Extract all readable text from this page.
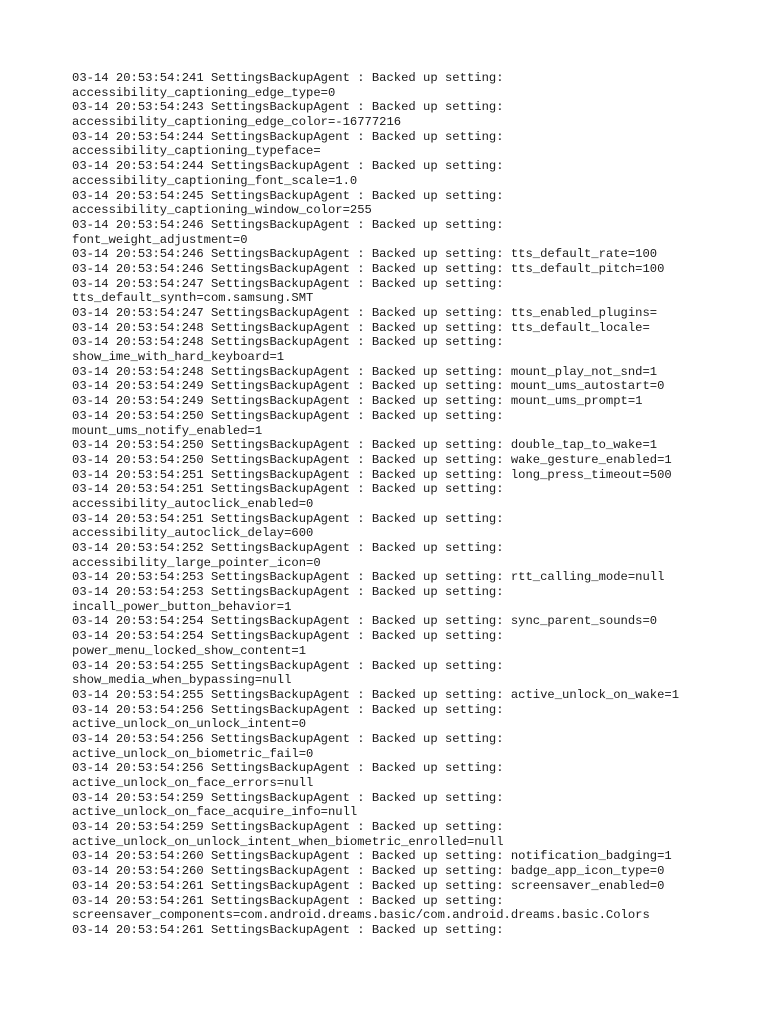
03-14 20:53:54:241 SettingsBackupAgent : Backed up setting:
accessibility_captioning_edge_type=0
03-14 20:53:54:243 SettingsBackupAgent : Backed up setting:
accessibility_captioning_edge_color=-16777216
03-14 20:53:54:244 SettingsBackupAgent : Backed up setting:
accessibility_captioning_typeface=
03-14 20:53:54:244 SettingsBackupAgent : Backed up setting:
accessibility_captioning_font_scale=1.0
03-14 20:53:54:245 SettingsBackupAgent : Backed up setting:
accessibility_captioning_window_color=255
03-14 20:53:54:246 SettingsBackupAgent : Backed up setting:
font_weight_adjustment=0
03-14 20:53:54:246 SettingsBackupAgent : Backed up setting: tts_default_rate=100
03-14 20:53:54:246 SettingsBackupAgent : Backed up setting: tts_default_pitch=100
03-14 20:53:54:247 SettingsBackupAgent : Backed up setting:
tts_default_synth=com.samsung.SMT
03-14 20:53:54:247 SettingsBackupAgent : Backed up setting: tts_enabled_plugins=
03-14 20:53:54:248 SettingsBackupAgent : Backed up setting: tts_default_locale=
03-14 20:53:54:248 SettingsBackupAgent : Backed up setting:
show_ime_with_hard_keyboard=1
03-14 20:53:54:248 SettingsBackupAgent : Backed up setting: mount_play_not_snd=1
03-14 20:53:54:249 SettingsBackupAgent : Backed up setting: mount_ums_autostart=0
03-14 20:53:54:249 SettingsBackupAgent : Backed up setting: mount_ums_prompt=1
03-14 20:53:54:250 SettingsBackupAgent : Backed up setting:
mount_ums_notify_enabled=1
03-14 20:53:54:250 SettingsBackupAgent : Backed up setting: double_tap_to_wake=1
03-14 20:53:54:250 SettingsBackupAgent : Backed up setting: wake_gesture_enabled=1
03-14 20:53:54:251 SettingsBackupAgent : Backed up setting: long_press_timeout=500
03-14 20:53:54:251 SettingsBackupAgent : Backed up setting:
accessibility_autoclick_enabled=0
03-14 20:53:54:251 SettingsBackupAgent : Backed up setting:
accessibility_autoclick_delay=600
03-14 20:53:54:252 SettingsBackupAgent : Backed up setting:
accessibility_large_pointer_icon=0
03-14 20:53:54:253 SettingsBackupAgent : Backed up setting: rtt_calling_mode=null
03-14 20:53:54:253 SettingsBackupAgent : Backed up setting:
incall_power_button_behavior=1
03-14 20:53:54:254 SettingsBackupAgent : Backed up setting: sync_parent_sounds=0
03-14 20:53:54:254 SettingsBackupAgent : Backed up setting:
power_menu_locked_show_content=1
03-14 20:53:54:255 SettingsBackupAgent : Backed up setting:
show_media_when_bypassing=null
03-14 20:53:54:255 SettingsBackupAgent : Backed up setting: active_unlock_on_wake=1
03-14 20:53:54:256 SettingsBackupAgent : Backed up setting:
active_unlock_on_unlock_intent=0
03-14 20:53:54:256 SettingsBackupAgent : Backed up setting:
active_unlock_on_biometric_fail=0
03-14 20:53:54:256 SettingsBackupAgent : Backed up setting:
active_unlock_on_face_errors=null
03-14 20:53:54:259 SettingsBackupAgent : Backed up setting:
active_unlock_on_face_acquire_info=null
03-14 20:53:54:259 SettingsBackupAgent : Backed up setting:
active_unlock_on_unlock_intent_when_biometric_enrolled=null
03-14 20:53:54:260 SettingsBackupAgent : Backed up setting: notification_badging=1
03-14 20:53:54:260 SettingsBackupAgent : Backed up setting: badge_app_icon_type=0
03-14 20:53:54:261 SettingsBackupAgent : Backed up setting: screensaver_enabled=0
03-14 20:53:54:261 SettingsBackupAgent : Backed up setting:
screensaver_components=com.android.dreams.basic/com.android.dreams.basic.Colors
03-14 20:53:54:261 SettingsBackupAgent : Backed up setting:
